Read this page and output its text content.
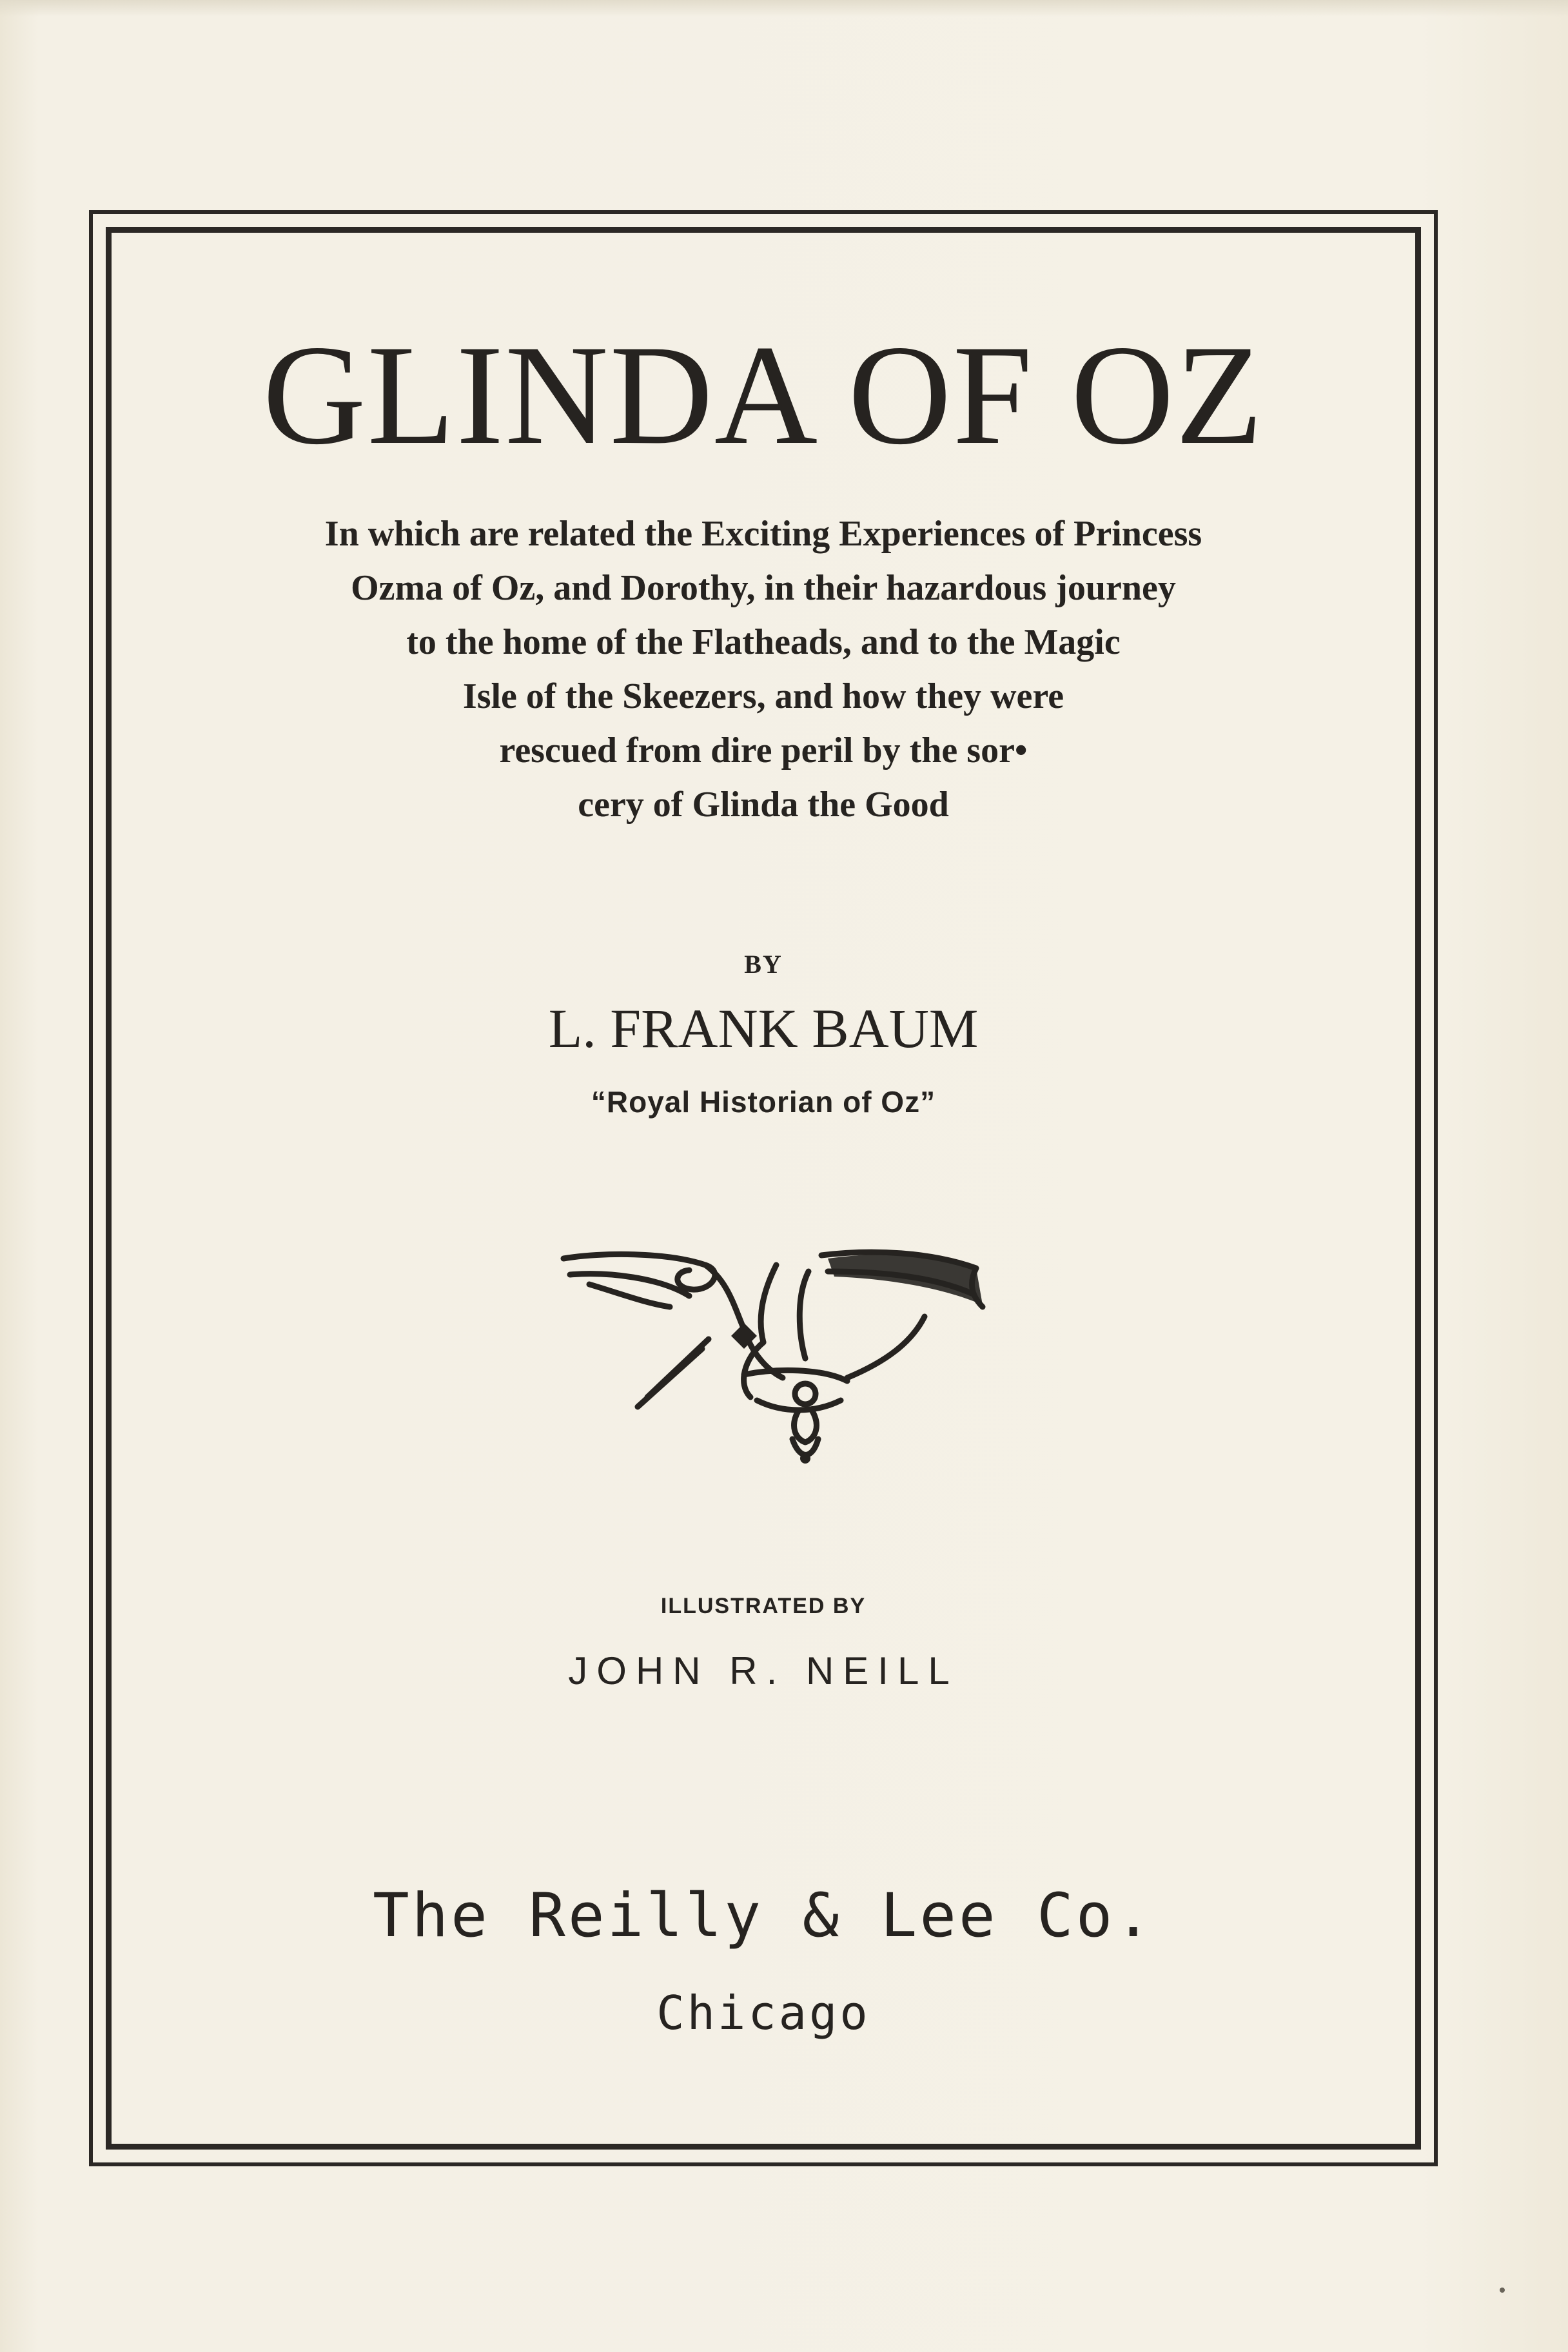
GLINDA OF OZ
In which are related the Exciting Experiences of Princess
Ozma of Oz, and Dorothy, in their hazardous journey
to the home of the Flatheads, and to the Magic
Isle of the Skeezers, and how they were
rescued from dire peril by the sor•
cery of Glinda the Good
BY
L. FRANK BAUM
“Royal Historian of Oz”
ILLUSTRATED BY
JOHN R. NEILL
The Reilly & Lee Co.
Chicago
